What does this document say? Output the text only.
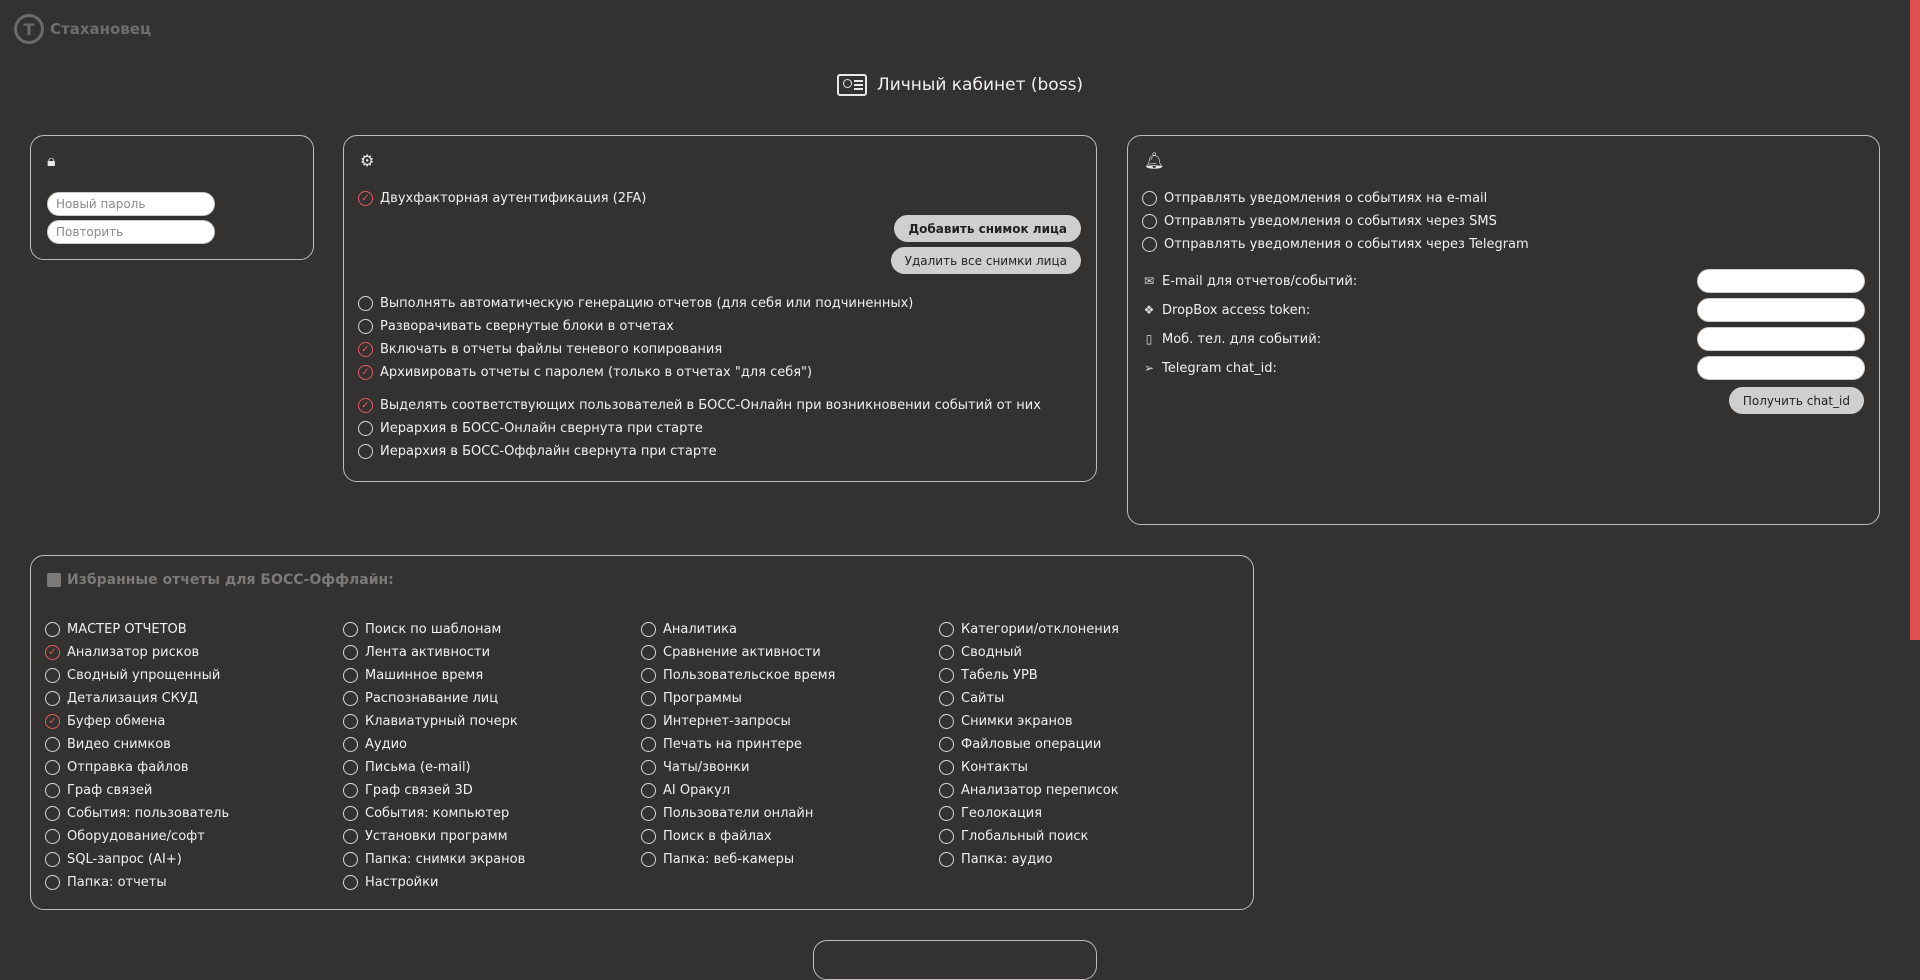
Т	Стахановец
Личный кабинет (boss)
🔒︎	⚙
✓ Двухфакторная аутентификация (2FA)
Добавить снимок лица
Удалить все снимки лица
Выполнять автоматическую генерацию отчетов (для себя или подчиненных)
Разворачивать свернутые блоки в отчетах
✓ Включать в отчеты файлы теневого копирования
✓ Архивировать отчеты с паролем (только в отчетах "для себя")
✓ Выделять соответствующих пользователей в БОСС-Онлайн при возникновении событий от них
Иерархия в БОСС-Онлайн свернута при старте
Иерархия в БОСС-Оффлайн свернута при старте
🔔︎
Отправлять уведомления о событиях на e-mail
Отправлять уведомления о событиях через SMS
Отправлять уведомления о событиях через Telegram
✉ E-mail для отчетов/событий:
❖ DropBox access token:
▯ Моб. тел. для событий:
➢ Telegram chat_id:
Получить chat_id
Избранные отчеты для БОСС-Оффлайн:
МАСТЕР ОТЧЕТОВ
✓ Анализатор рисков
Сводный упрощенный
Детализация СКУД
✓ Буфер обмена
Видео снимков
Отправка файлов
Граф связей
События: пользователь
Оборудование/софт
SQL-запрос (AI+)
Папка: отчеты
Поиск по шаблонам
Лента активности
Машинное время
Распознавание лиц
Клавиатурный почерк
Аудио
Письма (e-mail)
Граф связей 3D
События: компьютер
Установки программ
Папка: снимки экранов
Настройки
Аналитика
Сравнение активности
Пользовательское время
Программы
Интернет-запросы
Печать на принтере
Чаты/звонки
AI Оракул
Пользователи онлайн
Поиск в файлах
Папка: веб-камеры
Категории/отклонения
Сводный
Табель УРВ
Сайты
Снимки экранов
Файловые операции
Контакты
Анализатор переписок
Геолокация
Глобальный поиск
Папка: аудио
